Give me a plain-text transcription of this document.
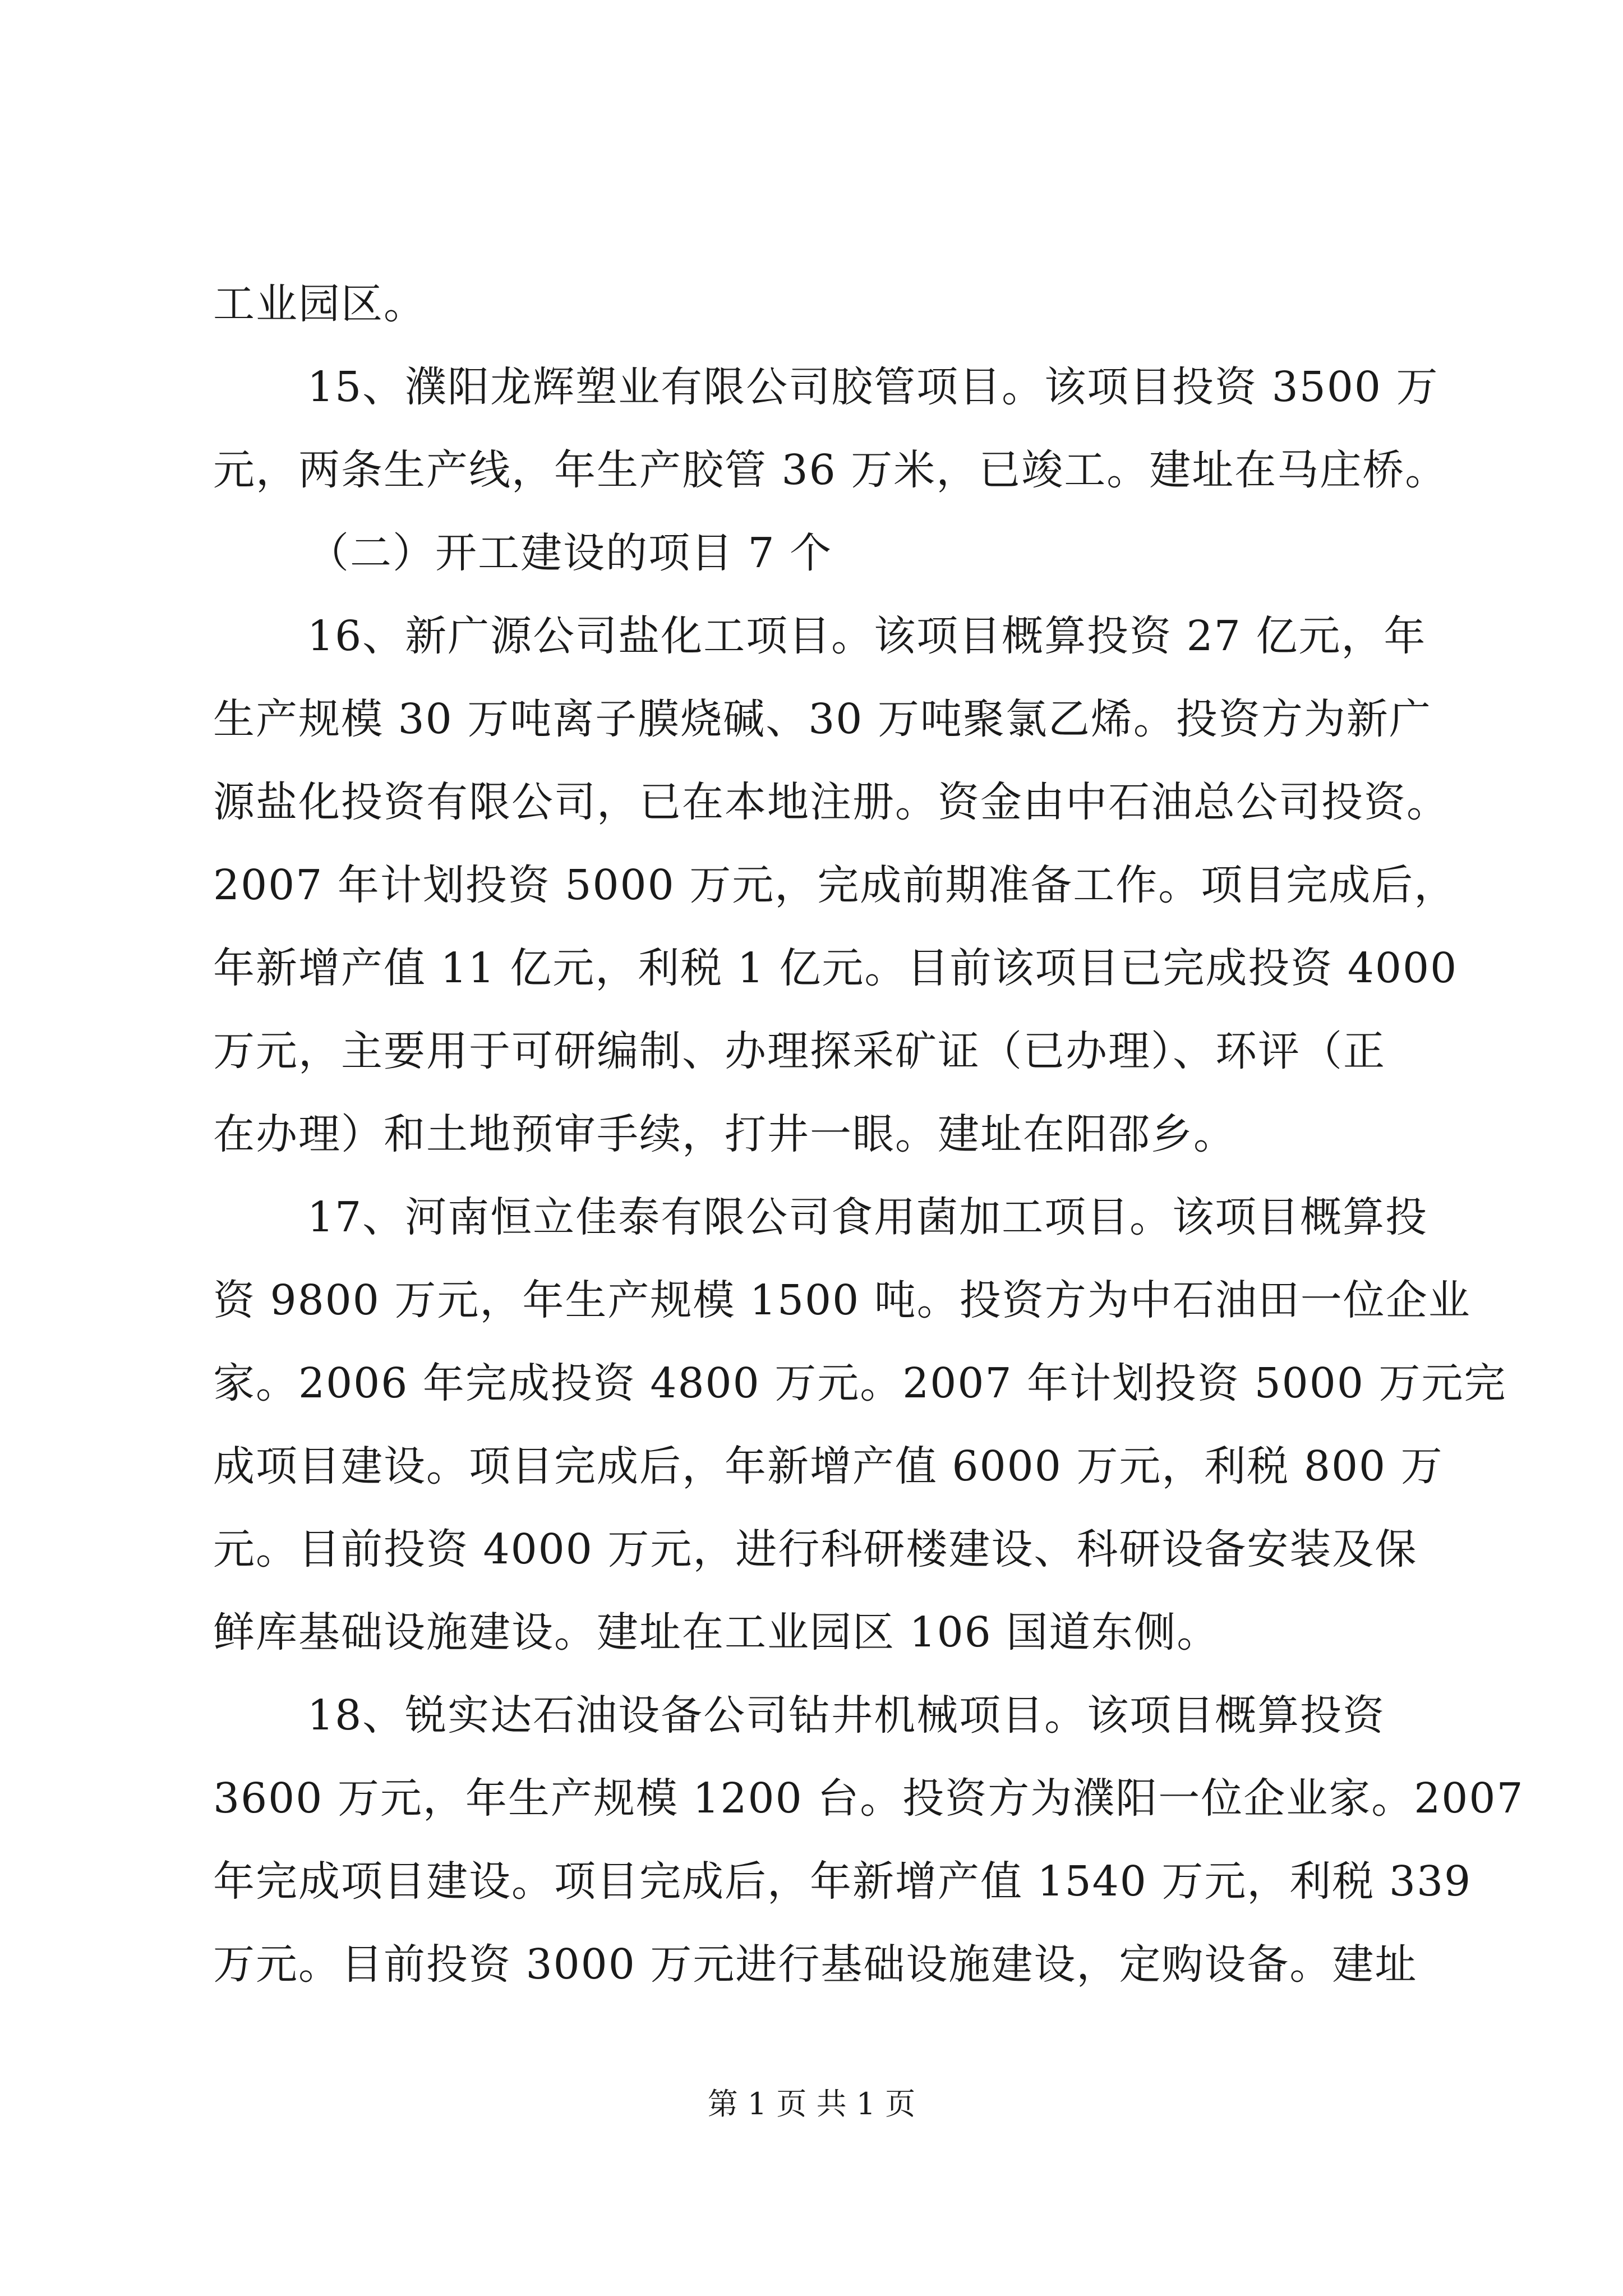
工业园区。
15、濮阳龙辉塑业有限公司胶管项目。该项目投资 3500 万
元，两条生产线，年生产胶管 36 万米，已竣工。建址在马庄桥。
（二）开工建设的项目 7 个
16、新广源公司盐化工项目。该项目概算投资 27 亿元，年
生产规模 30 万吨离子膜烧碱、30 万吨聚氯乙烯。投资方为新广
源盐化投资有限公司，已在本地注册。资金由中石油总公司投资。
2007 年计划投资 5000 万元，完成前期准备工作。项目完成后，
年新增产值 11 亿元，利税 1 亿元。目前该项目已完成投资 4000
万元，主要用于可研编制、办理探采矿证（已办理）、环评（正
在办理）和土地预审手续，打井一眼。建址在阳邵乡。
17、河南恒立佳泰有限公司食用菌加工项目。该项目概算投
资 9800 万元，年生产规模 1500 吨。投资方为中石油田一位企业
家。2006 年完成投资 4800 万元。2007 年计划投资 5000 万元完
成项目建设。项目完成后，年新增产值 6000 万元，利税 800 万
元。目前投资 4000 万元，进行科研楼建设、科研设备安装及保
鲜库基础设施建设。建址在工业园区 106 国道东侧。
18、锐实达石油设备公司钻井机械项目。该项目概算投资
3600 万元，年生产规模 1200 台。投资方为濮阳一位企业家。2007
年完成项目建设。项目完成后，年新增产值 1540 万元，利税 339
万元。目前投资 3000 万元进行基础设施建设，定购设备。建址
第 1 页 共 1 页
